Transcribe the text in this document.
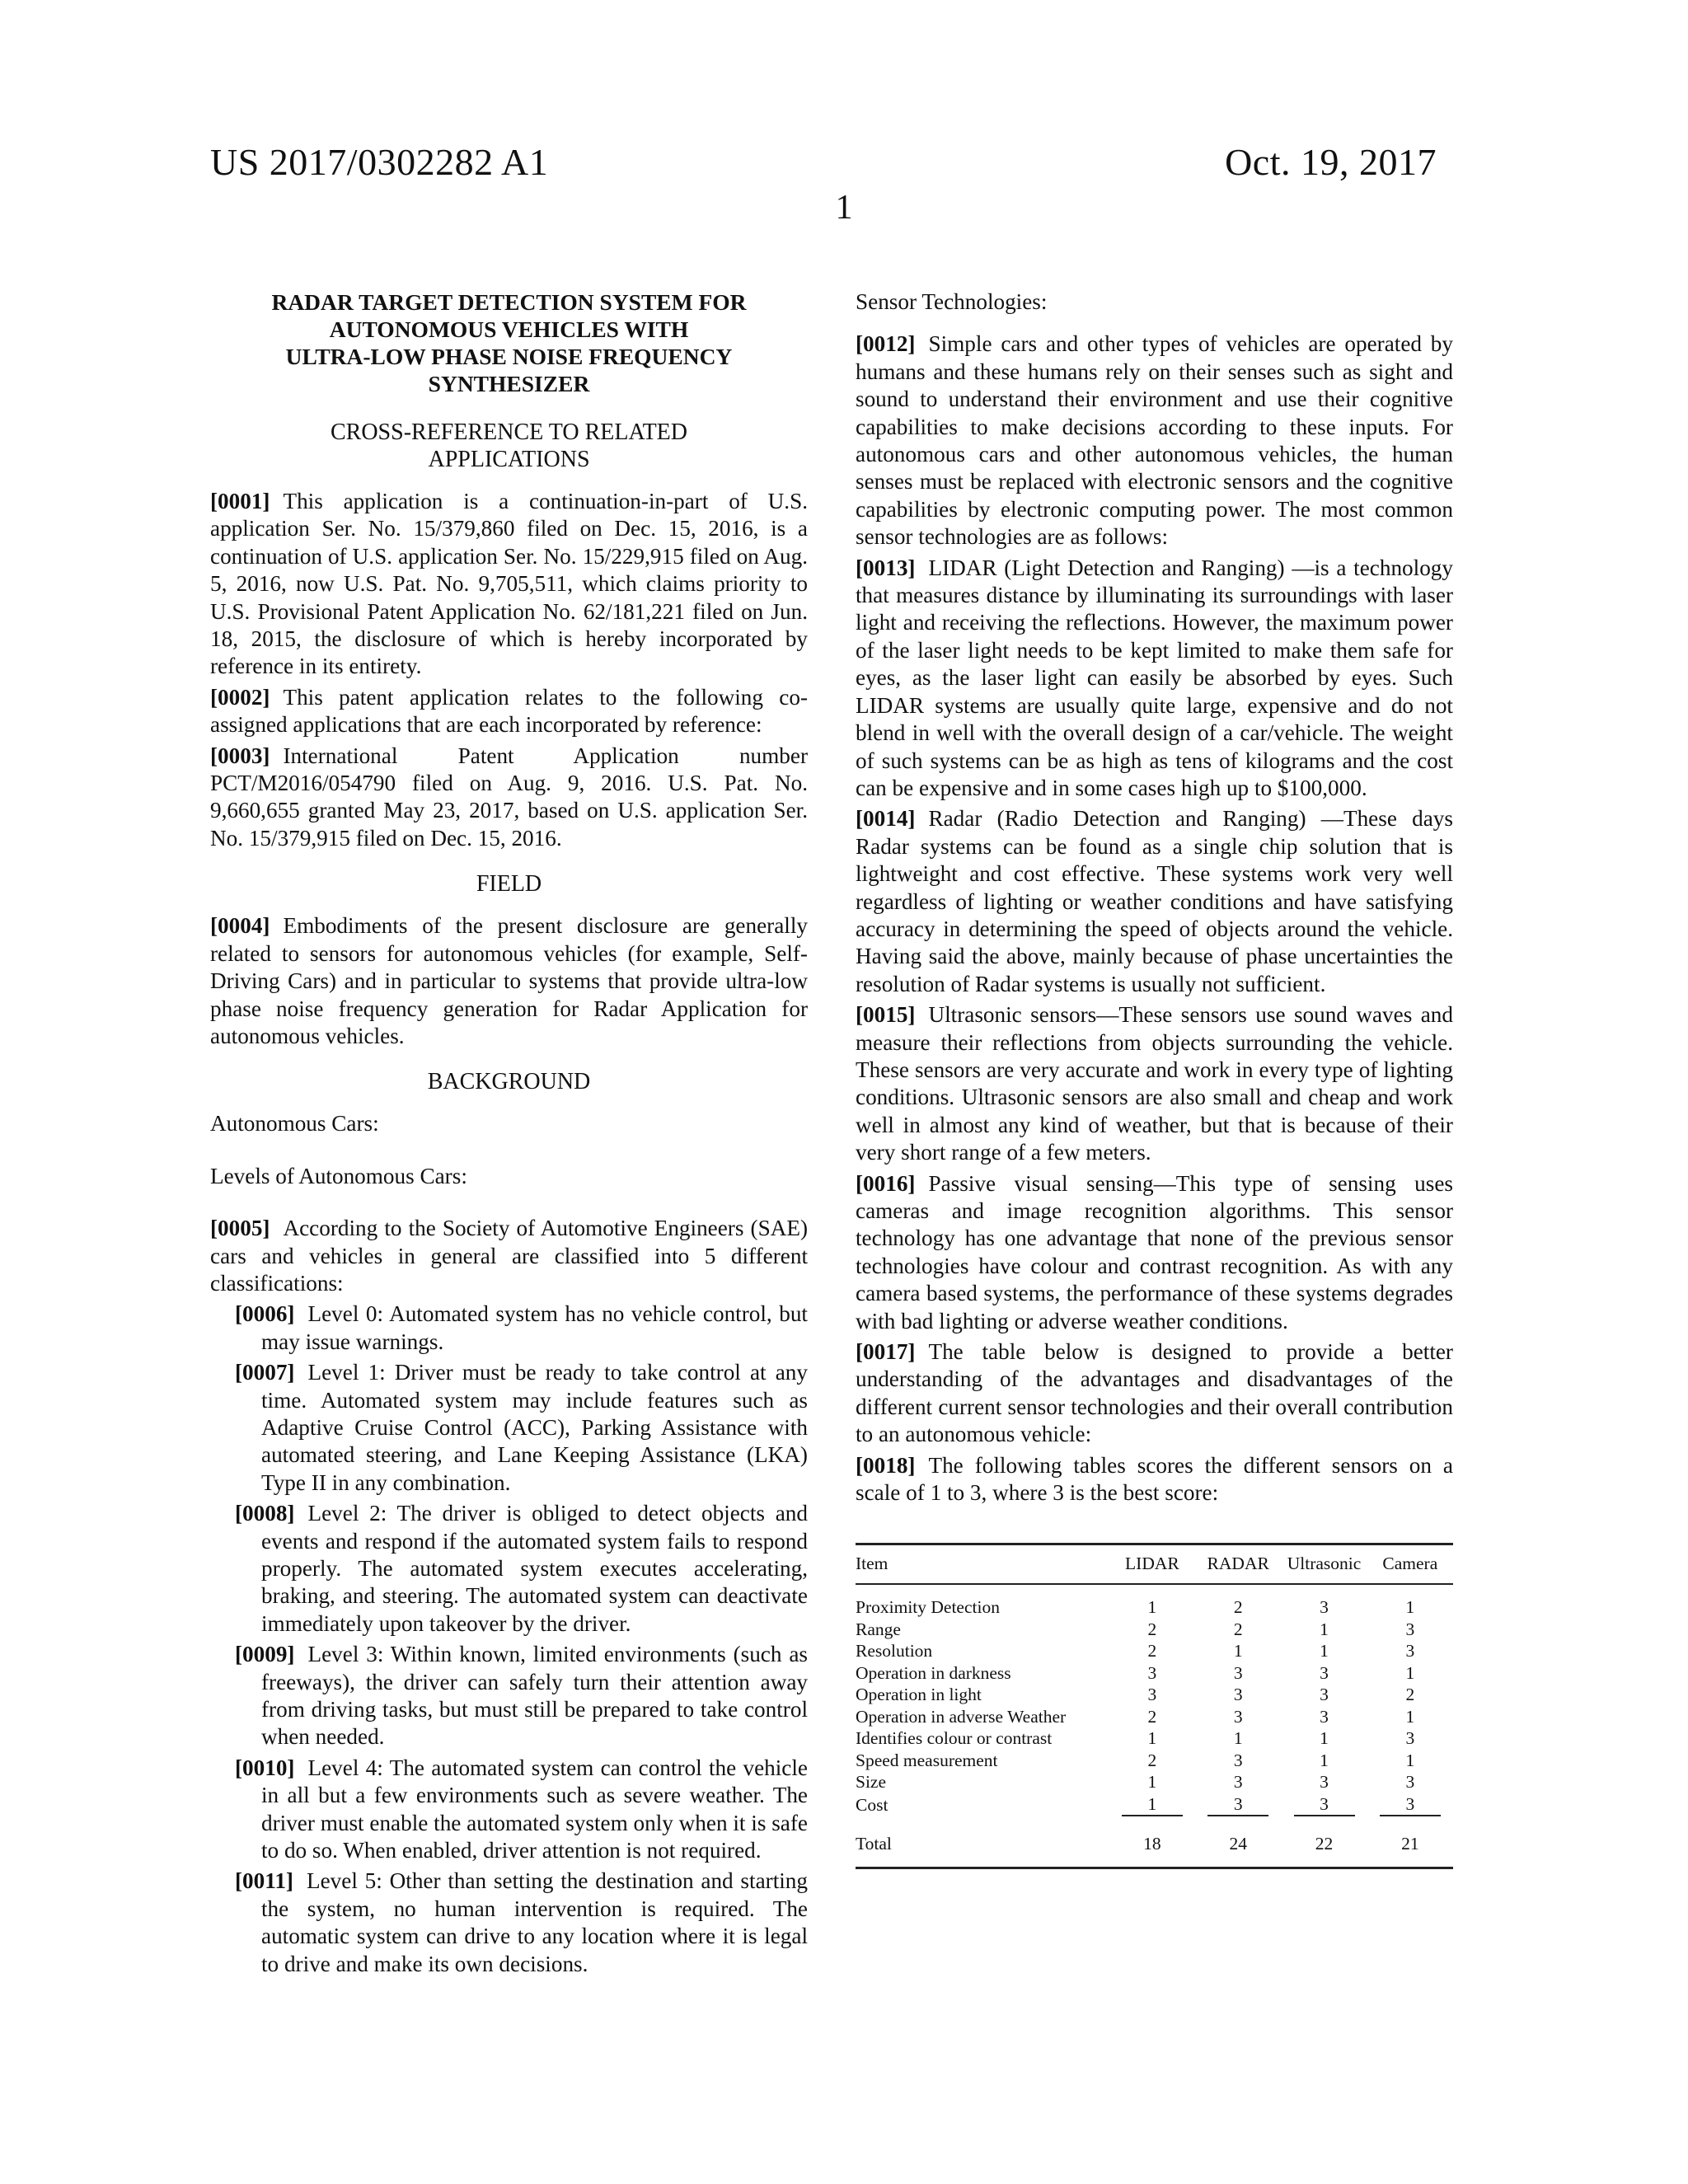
US 2017/0302282 A1	Oct. 19, 2017
1
RADAR TARGET DETECTION SYSTEM FOR
AUTONOMOUS VEHICLES WITH
ULTRA-LOW PHASE NOISE FREQUENCY
SYNTHESIZER
CROSS-REFERENCE TO RELATED
APPLICATIONS

[0001] This application is a continuation-in-part of U.S. application Ser. No. 15/379,860 filed on Dec. 15, 2016, is a continuation of U.S. application Ser. No. 15/229,915 filed on Aug. 5, 2016, now U.S. Pat. No. 9,705,511, which claims priority to U.S. Provisional Patent Application No. 62/181,221 filed on Jun. 18, 2015, the disclosure of which is hereby incorporated by reference in its entirety.

[0002] This patent application relates to the following co-assigned applications that are each incorporated by reference:

[0003] International Patent Application number PCT/M2016/054790 filed on Aug. 9, 2016. U.S. Pat. No. 9,660,655 granted May 23, 2017, based on U.S. application Ser. No. 15/379,915 filed on Dec. 15, 2016.

FIELD

[0004] Embodiments of the present disclosure are generally related to sensors for autonomous vehicles (for example, Self-Driving Cars) and in particular to systems that provide ultra-low phase noise frequency generation for Radar Application for autonomous vehicles.

BACKGROUND
Autonomous Cars:
Levels of Autonomous Cars:

[0005] According to the Society of Automotive Engineers (SAE) cars and vehicles in general are classified into 5 different classifications:

[0006] Level 0: Automated system has no vehicle control, but may issue warnings.

[0007] Level 1: Driver must be ready to take control at any time. Automated system may include features such as Adaptive Cruise Control (ACC), Parking Assistance with automated steering, and Lane Keeping Assistance (LKA) Type II in any combination.

[0008] Level 2: The driver is obliged to detect objects and events and respond if the automated system fails to respond properly. The automated system executes accelerating, braking, and steering. The automated system can deactivate immediately upon takeover by the driver.

[0009] Level 3: Within known, limited environments (such as freeways), the driver can safely turn their attention away from driving tasks, but must still be prepared to take control when needed.

[0010] Level 4: The automated system can control the vehicle in all but a few environments such as severe weather. The driver must enable the automated system only when it is safe to do so. When enabled, driver attention is not required.

[0011] Level 5: Other than setting the destination and starting the system, no human intervention is required. The automatic system can drive to any location where it is legal to drive and make its own decisions.

Sensor Technologies:

[0012] Simple cars and other types of vehicles are operated by humans and these humans rely on their senses such as sight and sound to understand their environment and use their cognitive capabilities to make decisions according to these inputs. For autonomous cars and other autonomous vehicles, the human senses must be replaced with electronic sensors and the cognitive capabilities by electronic computing power. The most common sensor technologies are as follows:

[0013] LIDAR (Light Detection and Ranging) —is a technology that measures distance by illuminating its surroundings with laser light and receiving the reflections. However, the maximum power of the laser light needs to be kept limited to make them safe for eyes, as the laser light can easily be absorbed by eyes. Such LIDAR systems are usually quite large, expensive and do not blend in well with the overall design of a car/vehicle. The weight of such systems can be as high as tens of kilograms and the cost can be expensive and in some cases high up to $100,000.

[0014] Radar (Radio Detection and Ranging) —These days Radar systems can be found as a single chip solution that is lightweight and cost effective. These systems work very well regardless of lighting or weather conditions and have satisfying accuracy in determining the speed of objects around the vehicle. Having said the above, mainly because of phase uncertainties the resolution of Radar systems is usually not sufficient.

[0015] Ultrasonic sensors—These sensors use sound waves and measure their reflections from objects surrounding the vehicle. These sensors are very accurate and work in every type of lighting conditions. Ultrasonic sensors are also small and cheap and work well in almost any kind of weather, but that is because of their very short range of a few meters.

[0016] Passive visual sensing—This type of sensing uses cameras and image recognition algorithms. This sensor technology has one advantage that none of the previous sensor technologies have colour and contrast recognition. As with any camera based systems, the performance of these systems degrades with bad lighting or adverse weather conditions.

[0017] The table below is designed to provide a better understanding of the advantages and disadvantages of the different current sensor technologies and their overall contribution to an autonomous vehicle:

[0018] The following tables scores the different sensors on a scale of 1 to 3, where 3 is the best score:

Item	LIDAR	RADAR	Ultrasonic	Camera
Proximity Detection	1	2	3	1
Range	2	2	1	3
Resolution	2	1	1	3
Operation in darkness	3	3	3	1
Operation in light	3	3	3	2
Operation in adverse Weather	2	3	3	1
Identifies colour or contrast	1	1	1	3
Speed measurement	2	3	1	1
Size	1	3	3	3
Cost	1	3	3	3
Total	18	24	22	21
